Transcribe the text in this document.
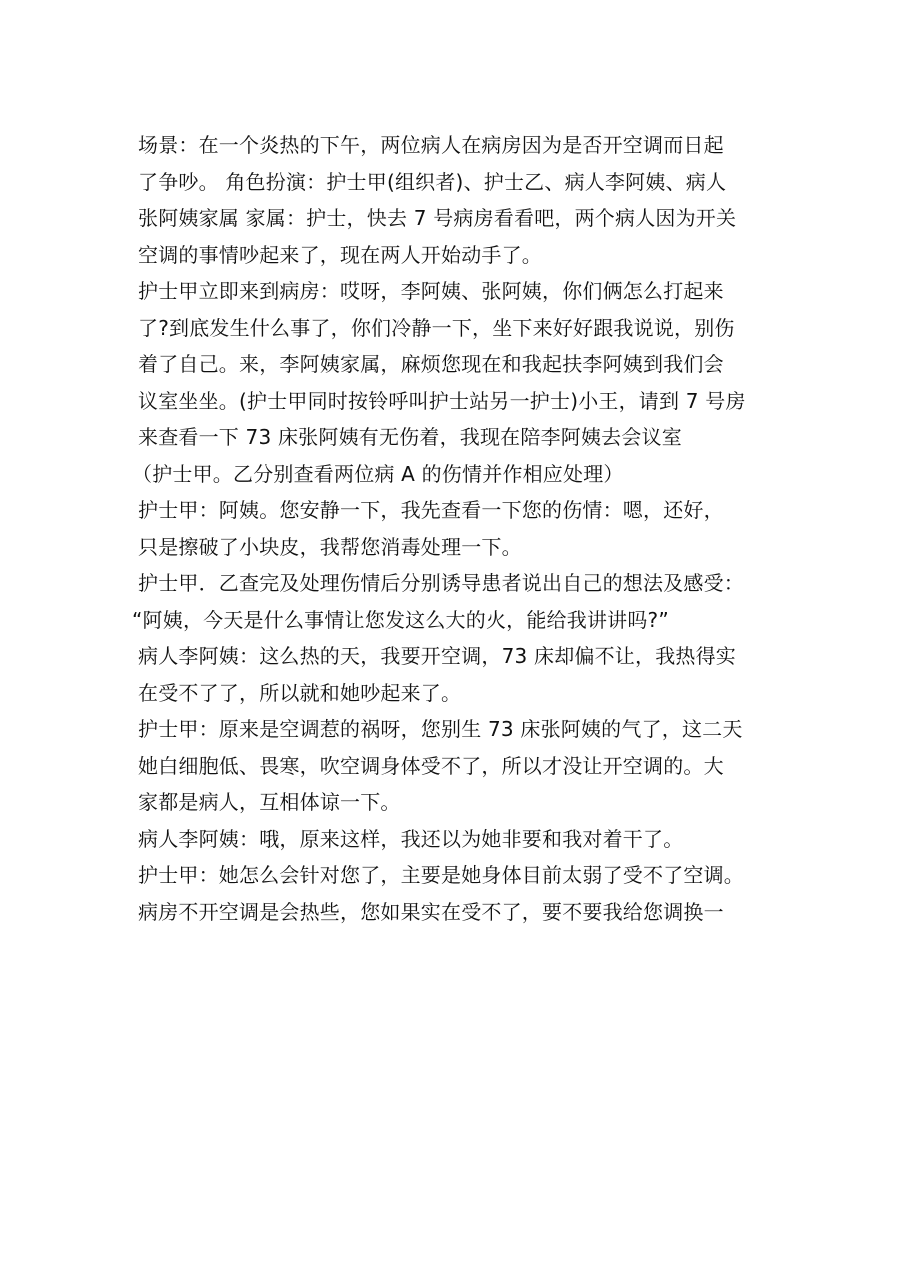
场景：在一个炎热的下午，两位病人在病房因为是否开空调而日起
了争吵。 角色扮演：护士甲(组织者)、护士乙、病人李阿姨、病人
张阿姨家属 家属：护士，快去 7 号病房看看吧，两个病人因为开关
空调的事情吵起来了，现在两人开始动手了。
护士甲立即来到病房：哎呀，李阿姨、张阿姨，你们俩怎么打起来
了?到底发生什么事了，你们冷静一下，坐下来好好跟我说说，别伤
着了自己。来，李阿姨家属，麻烦您现在和我起扶李阿姨到我们会
议室坐坐。(护士甲同时按铃呼叫护士站另一护士)小王，请到 7 号房
来查看一下 73 床张阿姨有无伤着，我现在陪李阿姨去会议室
（护士甲。乙分别查看两位病 A 的伤情并作相应处理）
护士甲：阿姨。您安静一下，我先查看一下您的伤情：嗯，还好，
只是擦破了小块皮，我帮您消毒处理一下。
护士甲．乙查完及处理伤情后分别诱导患者说出自己的想法及感受：
“阿姨，今天是什么事情让您发这么大的火，能给我讲讲吗?”
病人李阿姨：这么热的天，我要开空调，73 床却偏不让，我热得实
在受不了了，所以就和她吵起来了。
护士甲：原来是空调惹的祸呀，您别生 73 床张阿姨的气了，这二天
她白细胞低、畏寒，吹空调身体受不了，所以才没让开空调的。大
家都是病人，互相体谅一下。
病人李阿姨：哦，原来这样，我还以为她非要和我对着干了。
护士甲：她怎么会针对您了，主要是她身体目前太弱了受不了空调。
病房不开空调是会热些，您如果实在受不了，要不要我给您调换一
